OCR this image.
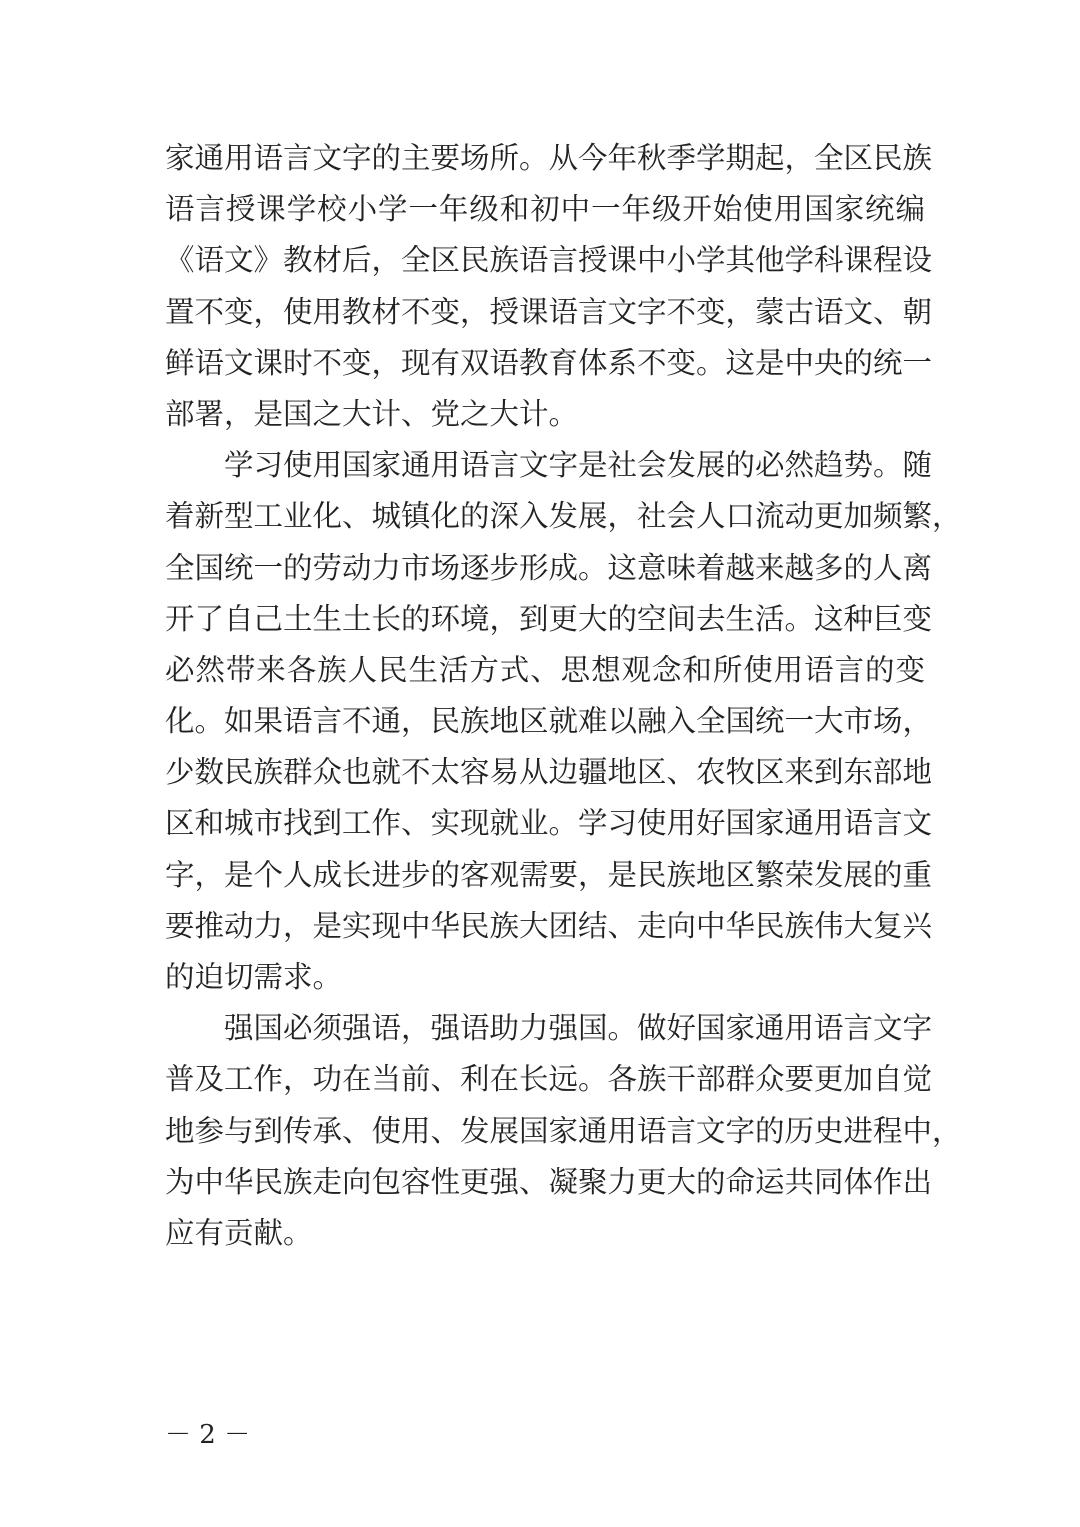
家通用语言文字的主要场所。从今年秋季学期起，全区民族
语言授课学校小学一年级和初中一年级开始使用国家统编
《语文》教材后，全区民族语言授课中小学其他学科课程设
置不变，使用教材不变，授课语言文字不变，蒙古语文、朝
鲜语文课时不变，现有双语教育体系不变。这是中央的统一
部署，是国之大计、党之大计。
学习使用国家通用语言文字是社会发展的必然趋势。随
着新型工业化、城镇化的深入发展，社会人口流动更加频繁，
全国统一的劳动力市场逐步形成。这意味着越来越多的人离
开了自己土生土长的环境，到更大的空间去生活。这种巨变
必然带来各族人民生活方式、思想观念和所使用语言的变
化。如果语言不通，民族地区就难以融入全国统一大市场，
少数民族群众也就不太容易从边疆地区、农牧区来到东部地
区和城市找到工作、实现就业。学习使用好国家通用语言文
字，是个人成长进步的客观需要，是民族地区繁荣发展的重
要推动力，是实现中华民族大团结、走向中华民族伟大复兴
的迫切需求。
强国必须强语，强语助力强国。做好国家通用语言文字
普及工作，功在当前、利在长远。各族干部群众要更加自觉
地参与到传承、使用、发展国家通用语言文字的历史进程中，
为中华民族走向包容性更强、凝聚力更大的命运共同体作出
应有贡献。
－ 2 －
